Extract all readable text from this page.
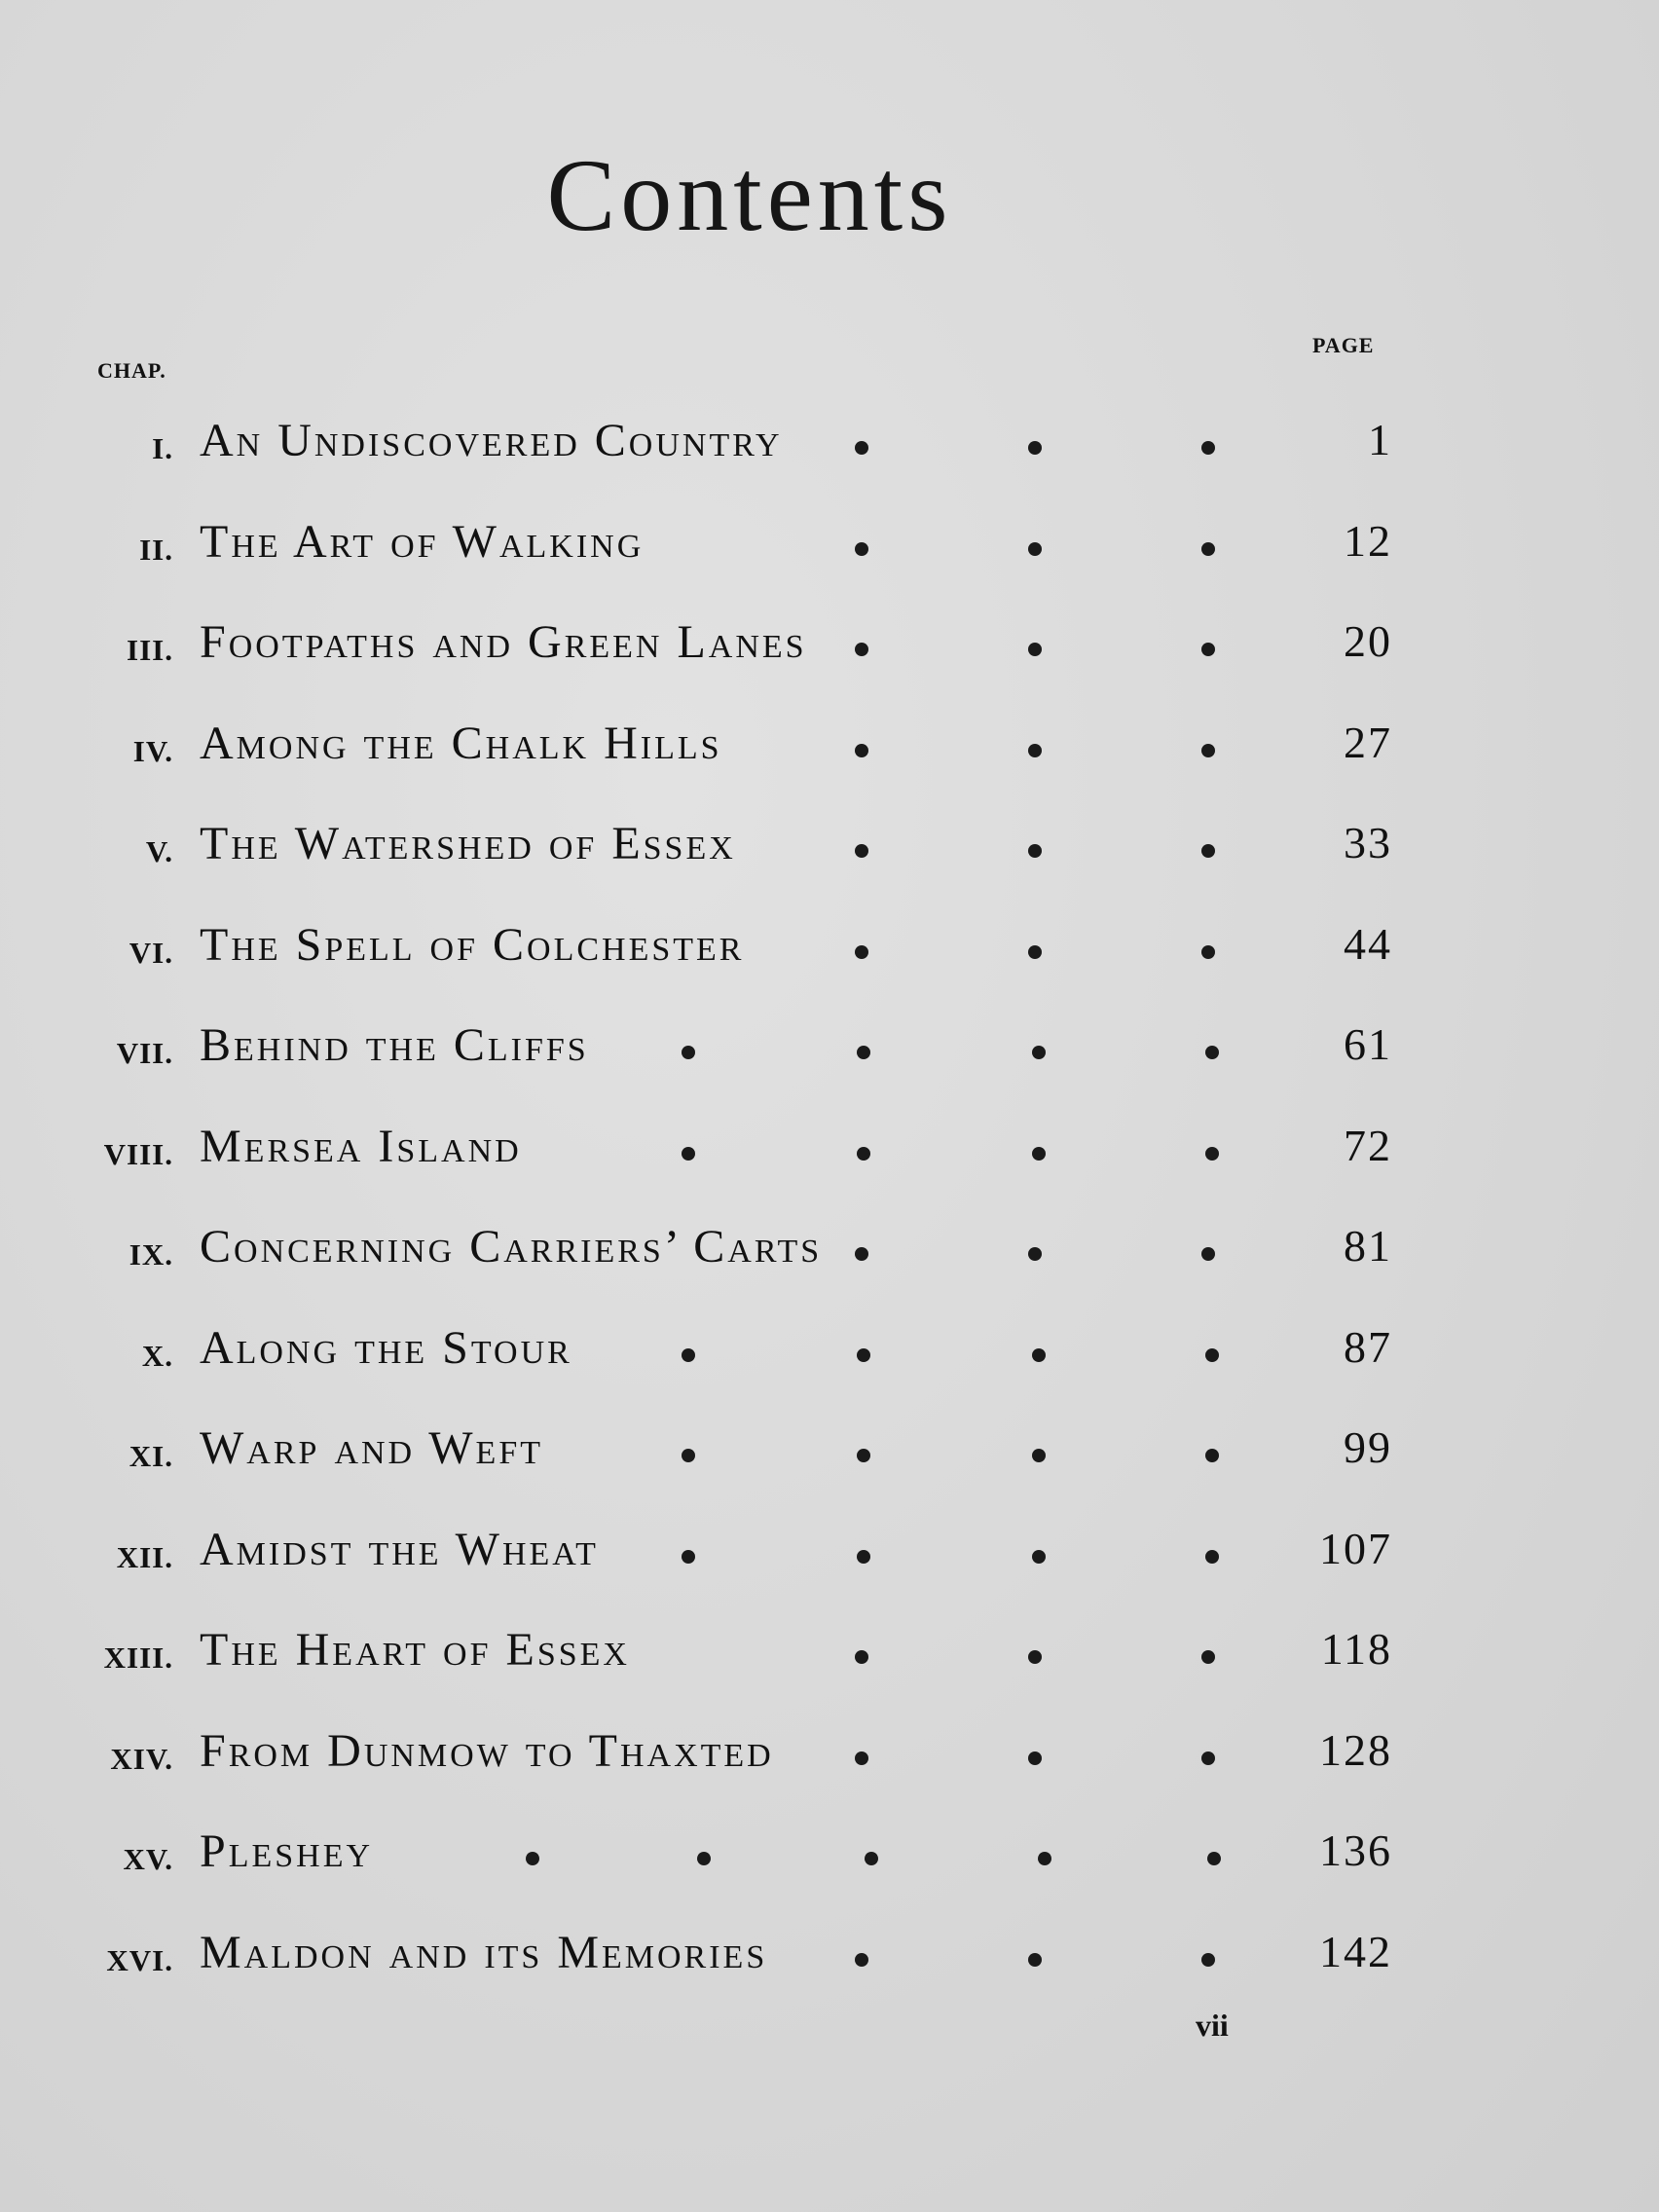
Contents
CHAP.
PAGE
I. An Undiscovered Country	1
II. The Art of Walking	12
III. Footpaths and Green Lanes	20
IV. Among the Chalk Hills	27
V. The Watershed of Essex	33
VI. The Spell of Colchester	44
VII. Behind the Cliffs	61
VIII. Mersea Island	72
IX. Concerning Carriers’ Carts	81
X. Along the Stour	87
XI. Warp and Weft	99
XII. Amidst the Wheat	107
XIII. The Heart of Essex	118
XIV. From Dunmow to Thaxted	128
XV. Pleshey	136
XVI. Maldon and its Memories	142
vii
